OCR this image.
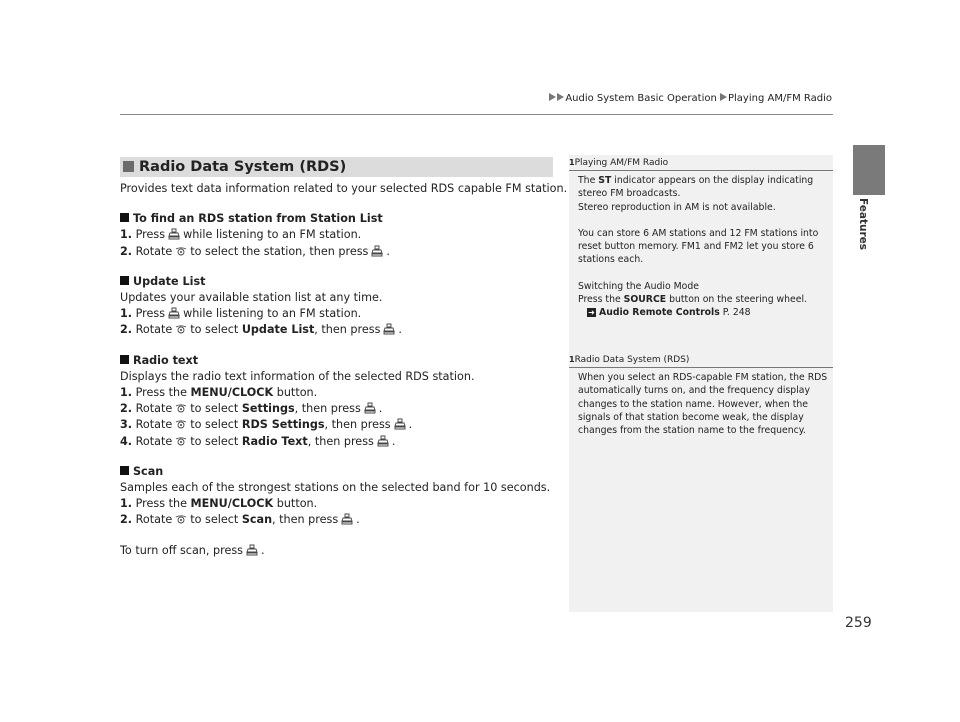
Audio System Basic Operation Playing AM/FM Radio
Radio Data System (RDS)

Provides text data information related to your selected RDS capable FM station.

To find an RDS station from Station List

1. Press while listening to an FM station.

2. Rotate to select the station, then press .

Update List

Updates your available station list at any time.

1. Press while listening to an FM station.

2. Rotate to select Update List, then press .

Radio text

Displays the radio text information of the selected RDS station.

1. Press the MENU/CLOCK button.

2. Rotate to select Settings, then press .

3. Rotate to select RDS Settings, then press .

4. Rotate to select Radio Text, then press .

Scan

Samples each of the strongest stations on the selected band for 10 seconds.

1. Press the MENU/CLOCK button.

2. Rotate to select Scan, then press .

To turn off scan, press .

1Playing AM/FM Radio

The ST indicator appears on the display indicating stereo FM broadcasts.

Stereo reproduction in AM is not available.

You can store 6 AM stations and 12 FM stations into reset button memory. FM1 and FM2 let you store 6 stations each.

Switching the Audio Mode

Press the SOURCE button on the steering wheel.

➜ Audio Remote Controls P. 248

1Radio Data System (RDS)

When you select an RDS-capable FM station, the RDS automatically turns on, and the frequency display changes to the station name. However, when the signals of that station become weak, the display changes from the station name to the frequency.

Features
259
